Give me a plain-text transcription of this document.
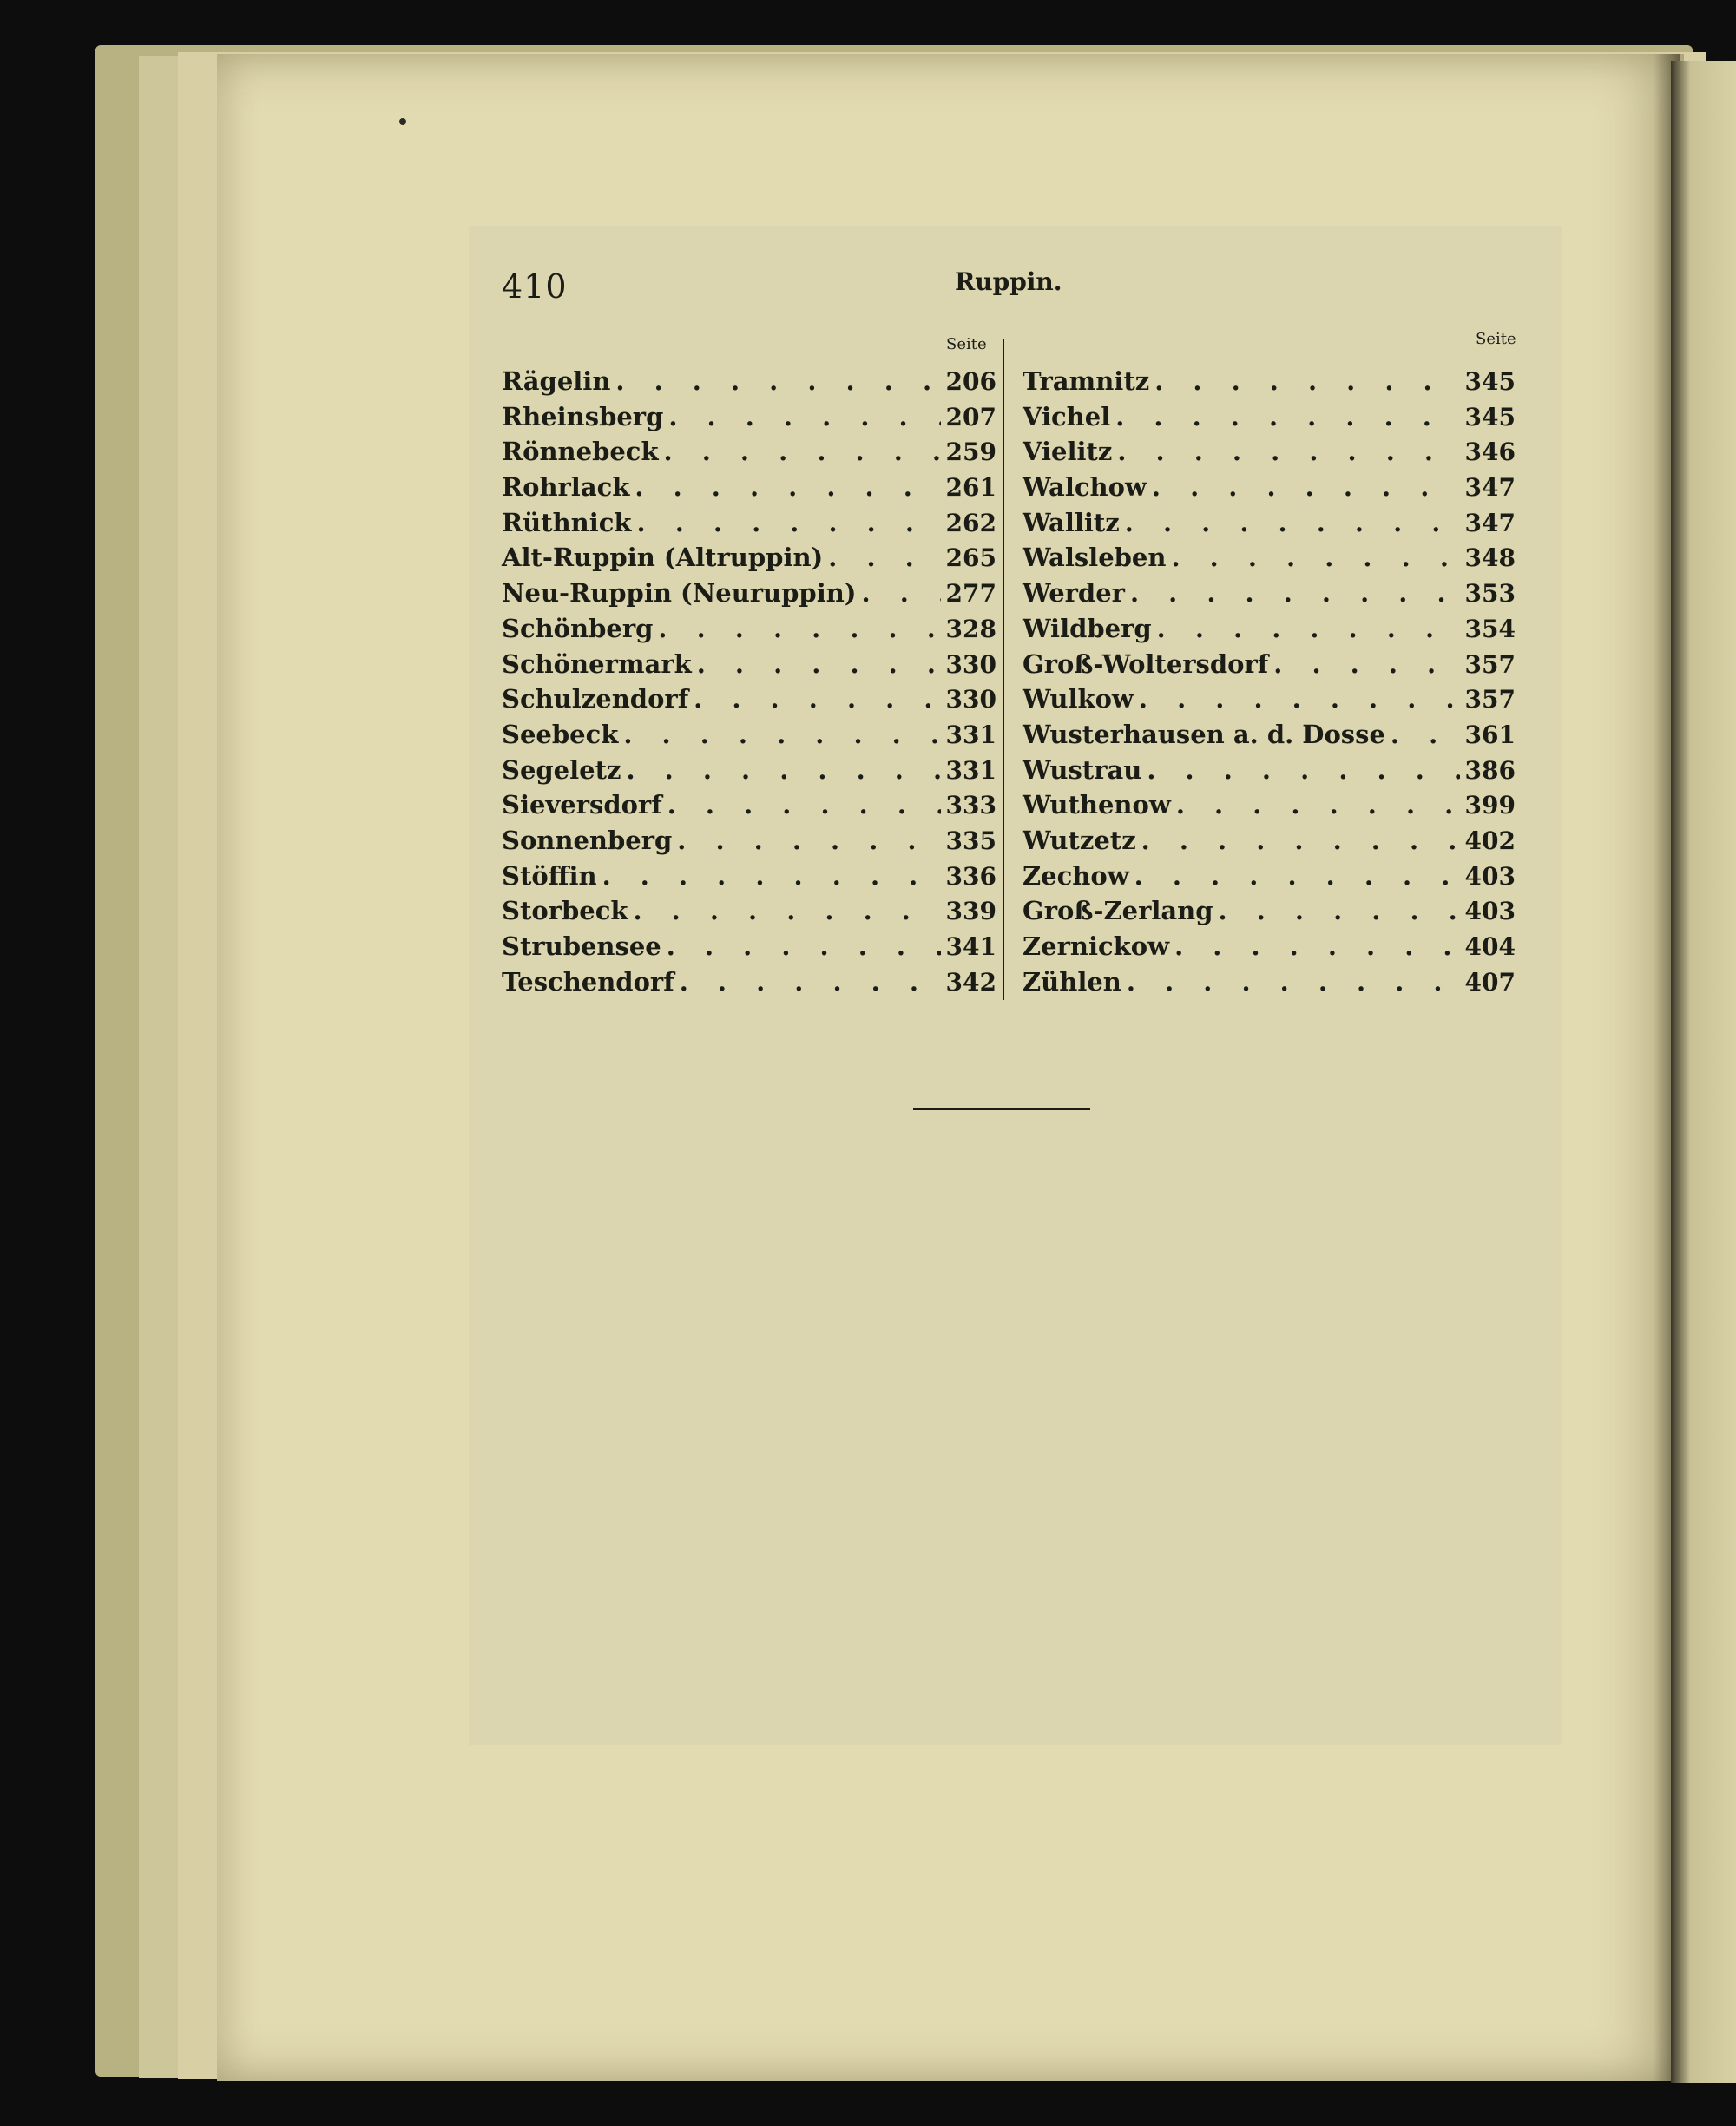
410	Ruppin.
Seite	Seite
Rägelin . . .	206
Rheinsberg . . .	207
Rönnebeck . . .	259
Rohrlack . . .	261
Rüthnick . . .	262
Alt-Ruppin (Altruppin) . . .	265
Neu-Ruppin (Neuruppin) . . .	277
Schönberg . . .	328
Schönermark . . .	330
Schulzendorf . . .	330
Seebeck . . .	331
Segeletz . . .	331
Sieversdorf . . .	333
Sonnenberg . . .	335
Stöffin . . .	336
Storbeck . . .	339
Strubensee . . .	341
Teschendorf . . .	342
Tramnitz . . .	345
Vichel . . .	345
Vielitz . . .	346
Walchow . . .	347
Wallitz . . .	347
Walsleben . . .	348
Werder . . .	353
Wildberg . . .	354
Groß-Woltersdorf . . .	357
Wulkow . . .	357
Wusterhausen a. d. Dosse . . .	361
Wustrau . . .	386
Wuthenow . . .	399
Wutzetz . . .	402
Zechow . . .	403
Groß-Zerlang . . .	403
Zernickow . . .	404
Zühlen . . .	407
